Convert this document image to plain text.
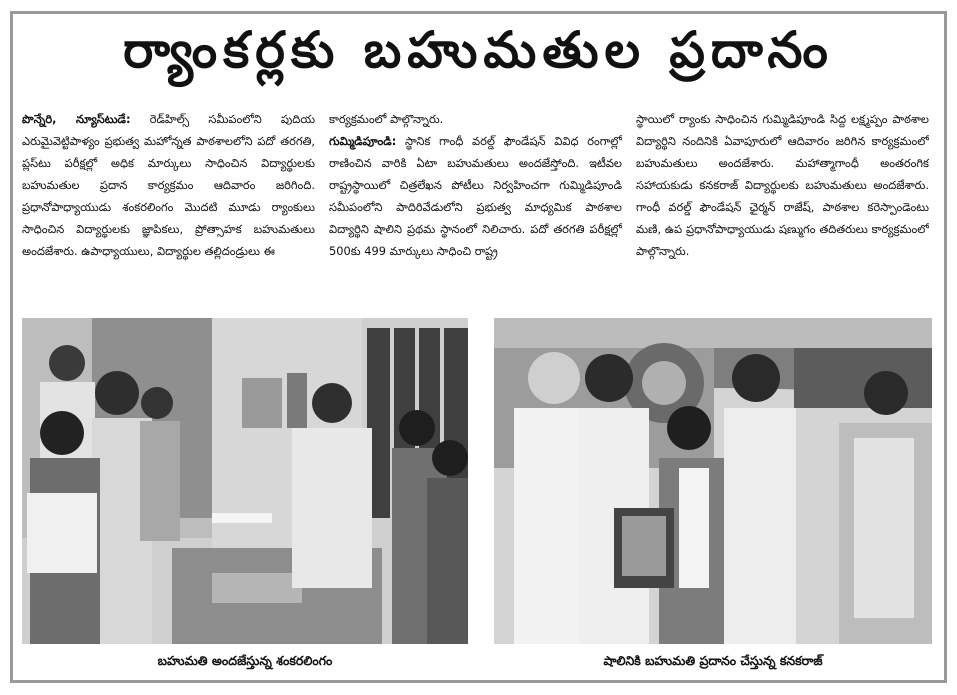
ర్యాంకర్లకు బహుమతుల ప్రదానం

పొన్నేరి, న్యూస్‌టుడే: రెడ్‌హిల్స్ సమీపంలోని పుదియ ఎరుమైవెట్టిపాళ్యం ప్రభుత్వ మహోన్నత పాఠశాలలోని పదో తరగతి, ప్లస్‌టు పరీక్షల్లో అధిక మార్కులు సాధించిన విద్యార్థులకు బహుమతుల ప్రదాన కార్యక్రమం ఆదివారం జరిగింది. ప్రధానోపాధ్యాయుడు శంకరలింగం మొదటి మూడు ర్యాంకులు సాధించిన విద్యార్థులకు జ్ఞాపికలు, ప్రోత్సాహక బహుమతులు అందజేశారు. ఉపాధ్యాయులు, విద్యార్థుల తల్లిదండ్రులు ఈ

కార్యక్రమంలో పాల్గొన్నారు.

గుమ్మిడిపూండి: స్థానిక గాంధీ వరల్డ్ ఫౌండేషన్ వివిధ రంగాల్లో రాణించిన వారికి ఏటా బహుమతులు అందజేస్తోంది. ఇటీవల రాష్ట్రస్థాయిలో చిత్రలేఖన పోటీలు నిర్వహించగా గుమ్మిడిపూండి సమీపంలోని పాదిరివేడులోని ప్రభుత్వ మాధ్యమిక పాఠశాల విద్యార్థిని షాలిని ప్రథమ స్థానంలో నిలిచారు. పదో తరగతి పరీక్షల్లో 500కు 499 మార్కులు సాధించి రాష్ట్ర

స్థాయిలో ర్యాంకు సాధించిన గుమ్మిడిపూండి సిద్ద లక్ష్మప్పం పాఠశాల విద్యార్థిని నందినికి ఏవాపూరులో ఆదివారం జరిగిన కార్యక్రమంలో బహుమతులు అందజేశారు. మహాత్మాగాంధీ అంతరంగిక సహాయకుడు కనకరాజ్ విద్యార్థులకు బహుమతులు అందజేశారు. గాంధీ వరల్డ్ ఫౌండేషన్ ఛైర్మన్ రాజేష్, పాఠశాల కరెస్పాండెంటు మణి, ఉప ప్రధానోపాధ్యాయుడు షణ్ముగం తదితరులు కార్యక్రమంలో పాల్గొన్నారు.

బహుమతి అందజేస్తున్న శంకరలింగం	షాలినికి బహుమతి ప్రదానం చేస్తున్న కనకరాజ్
